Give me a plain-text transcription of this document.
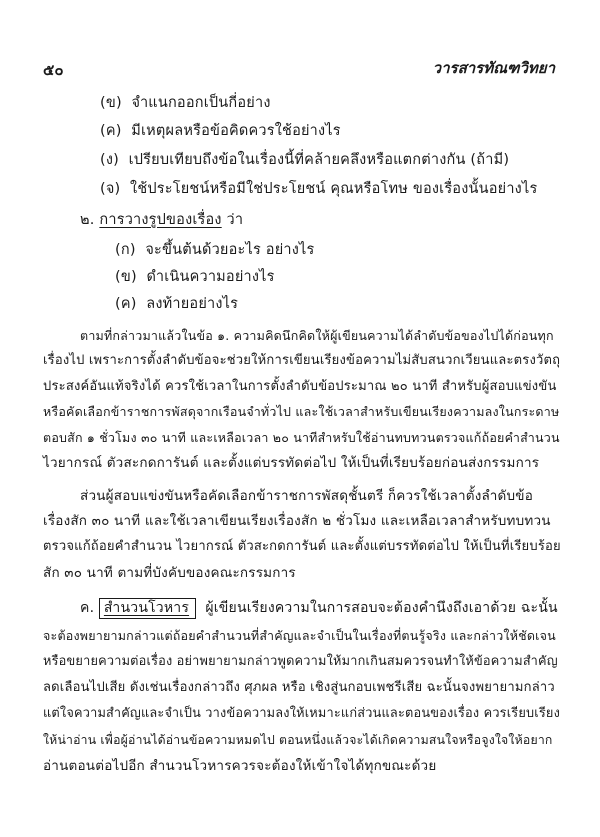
๕๐	วารสารทัณฑวิทยา
(ข) จำแนกออกเป็นกี่อย่าง
(ค) มีเหตุผลหรือข้อคิดควรใช้อย่างไร
(ง) เปรียบเทียบถึงข้อในเรื่องนี้ที่คล้ายคลึงหรือแตกต่างกัน (ถ้ามี)
(จ) ใช้ประโยชน์หรือมีใช่ประโยชน์ คุณหรือโทษ ของเรื่องนั้นอย่างไร
๒. การวางรูปของเรื่อง ว่า
(ก) จะขึ้นต้นด้วยอะไร อย่างไร
(ข) ดำเนินความอย่างไร
(ค) ลงท้ายอย่างไร
ตามที่กล่าวมาแล้วในข้อ ๑. ความคิดนึกคิดให้ผู้เขียนความได้ลำดับข้อของไปได้ก่อนทุก
เรื่องไป เพราะการตั้งลำดับข้อจะช่วยให้การเขียนเรียงข้อความไม่สับสนวกเวียนและตรงวัตถุ
ประสงค์อันแท้จริงได้ ควรใช้เวลาในการตั้งลำดับข้อประมาณ ๒๐ นาที สำหรับผู้สอบแข่งขัน
หรือคัดเลือกข้าราชการพัสดุจากเรือนจำทั่วไป และใช้เวลาสำหรับเขียนเรียงความลงในกระดาษ
ตอบสัก ๑ ชั่วโมง ๓๐ นาที และเหลือเวลา ๒๐ นาทีสำหรับใช้อ่านทบทวนตรวจแก้ถ้อยคำสำนวน
ไวยากรณ์ ตัวสะกดการันต์ และตั้งแต่บรรทัดต่อไป ให้เป็นที่เรียบร้อยก่อนส่งกรรมการ
ส่วนผู้สอบแข่งขันหรือคัดเลือกข้าราชการพัสดุชั้นตรี ก็ควรใช้เวลาตั้งลำดับข้อ
เรื่องสัก ๓๐ นาที และใช้เวลาเขียนเรียงเรื่องสัก ๒ ชั่วโมง และเหลือเวลาสำหรับทบทวน
ตรวจแก้ถ้อยคำสำนวน ไวยากรณ์ ตัวสะกดการันต์ และตั้งแต่บรรทัดต่อไป ให้เป็นที่เรียบร้อย
สัก ๓๐ นาที ตามที่บังคับของคณะกรรมการ
ค. สำนวนโวหาร ผู้เขียนเรียงความในการสอบจะต้องคำนึงถึงเอาด้วย ฉะนั้น
จะต้องพยายามกล่าวแต่ถ้อยคำสำนวนที่สำคัญและจำเป็นในเรื่องที่ตนรู้จริง และกล่าวให้ชัดเจน
หรือขยายความต่อเรื่อง อย่าพยายามกล่าวพูดความให้มากเกินสมควรจนทำให้ข้อความสำคัญ
ลดเลือนไปเสีย ดังเช่นเรื่องกล่าวถึง ศุภผล หรือ เชิงสู่นกอบเพชรีเสีย ฉะนั้นจงพยายามกล่าว
แต่ใจความสำคัญและจำเป็น วางข้อความลงให้เหมาะแก่ส่วนและตอนของเรื่อง ควรเรียบเรียง
ให้น่าอ่าน เพื่อผู้อ่านได้อ่านข้อความหมดไป ตอนหนึ่งแล้วจะได้เกิดความสนใจหรือจูงใจให้อยาก
อ่านตอนต่อไปอีก สำนวนโวหารควรจะต้องให้เข้าใจได้ทุกขณะด้วย
